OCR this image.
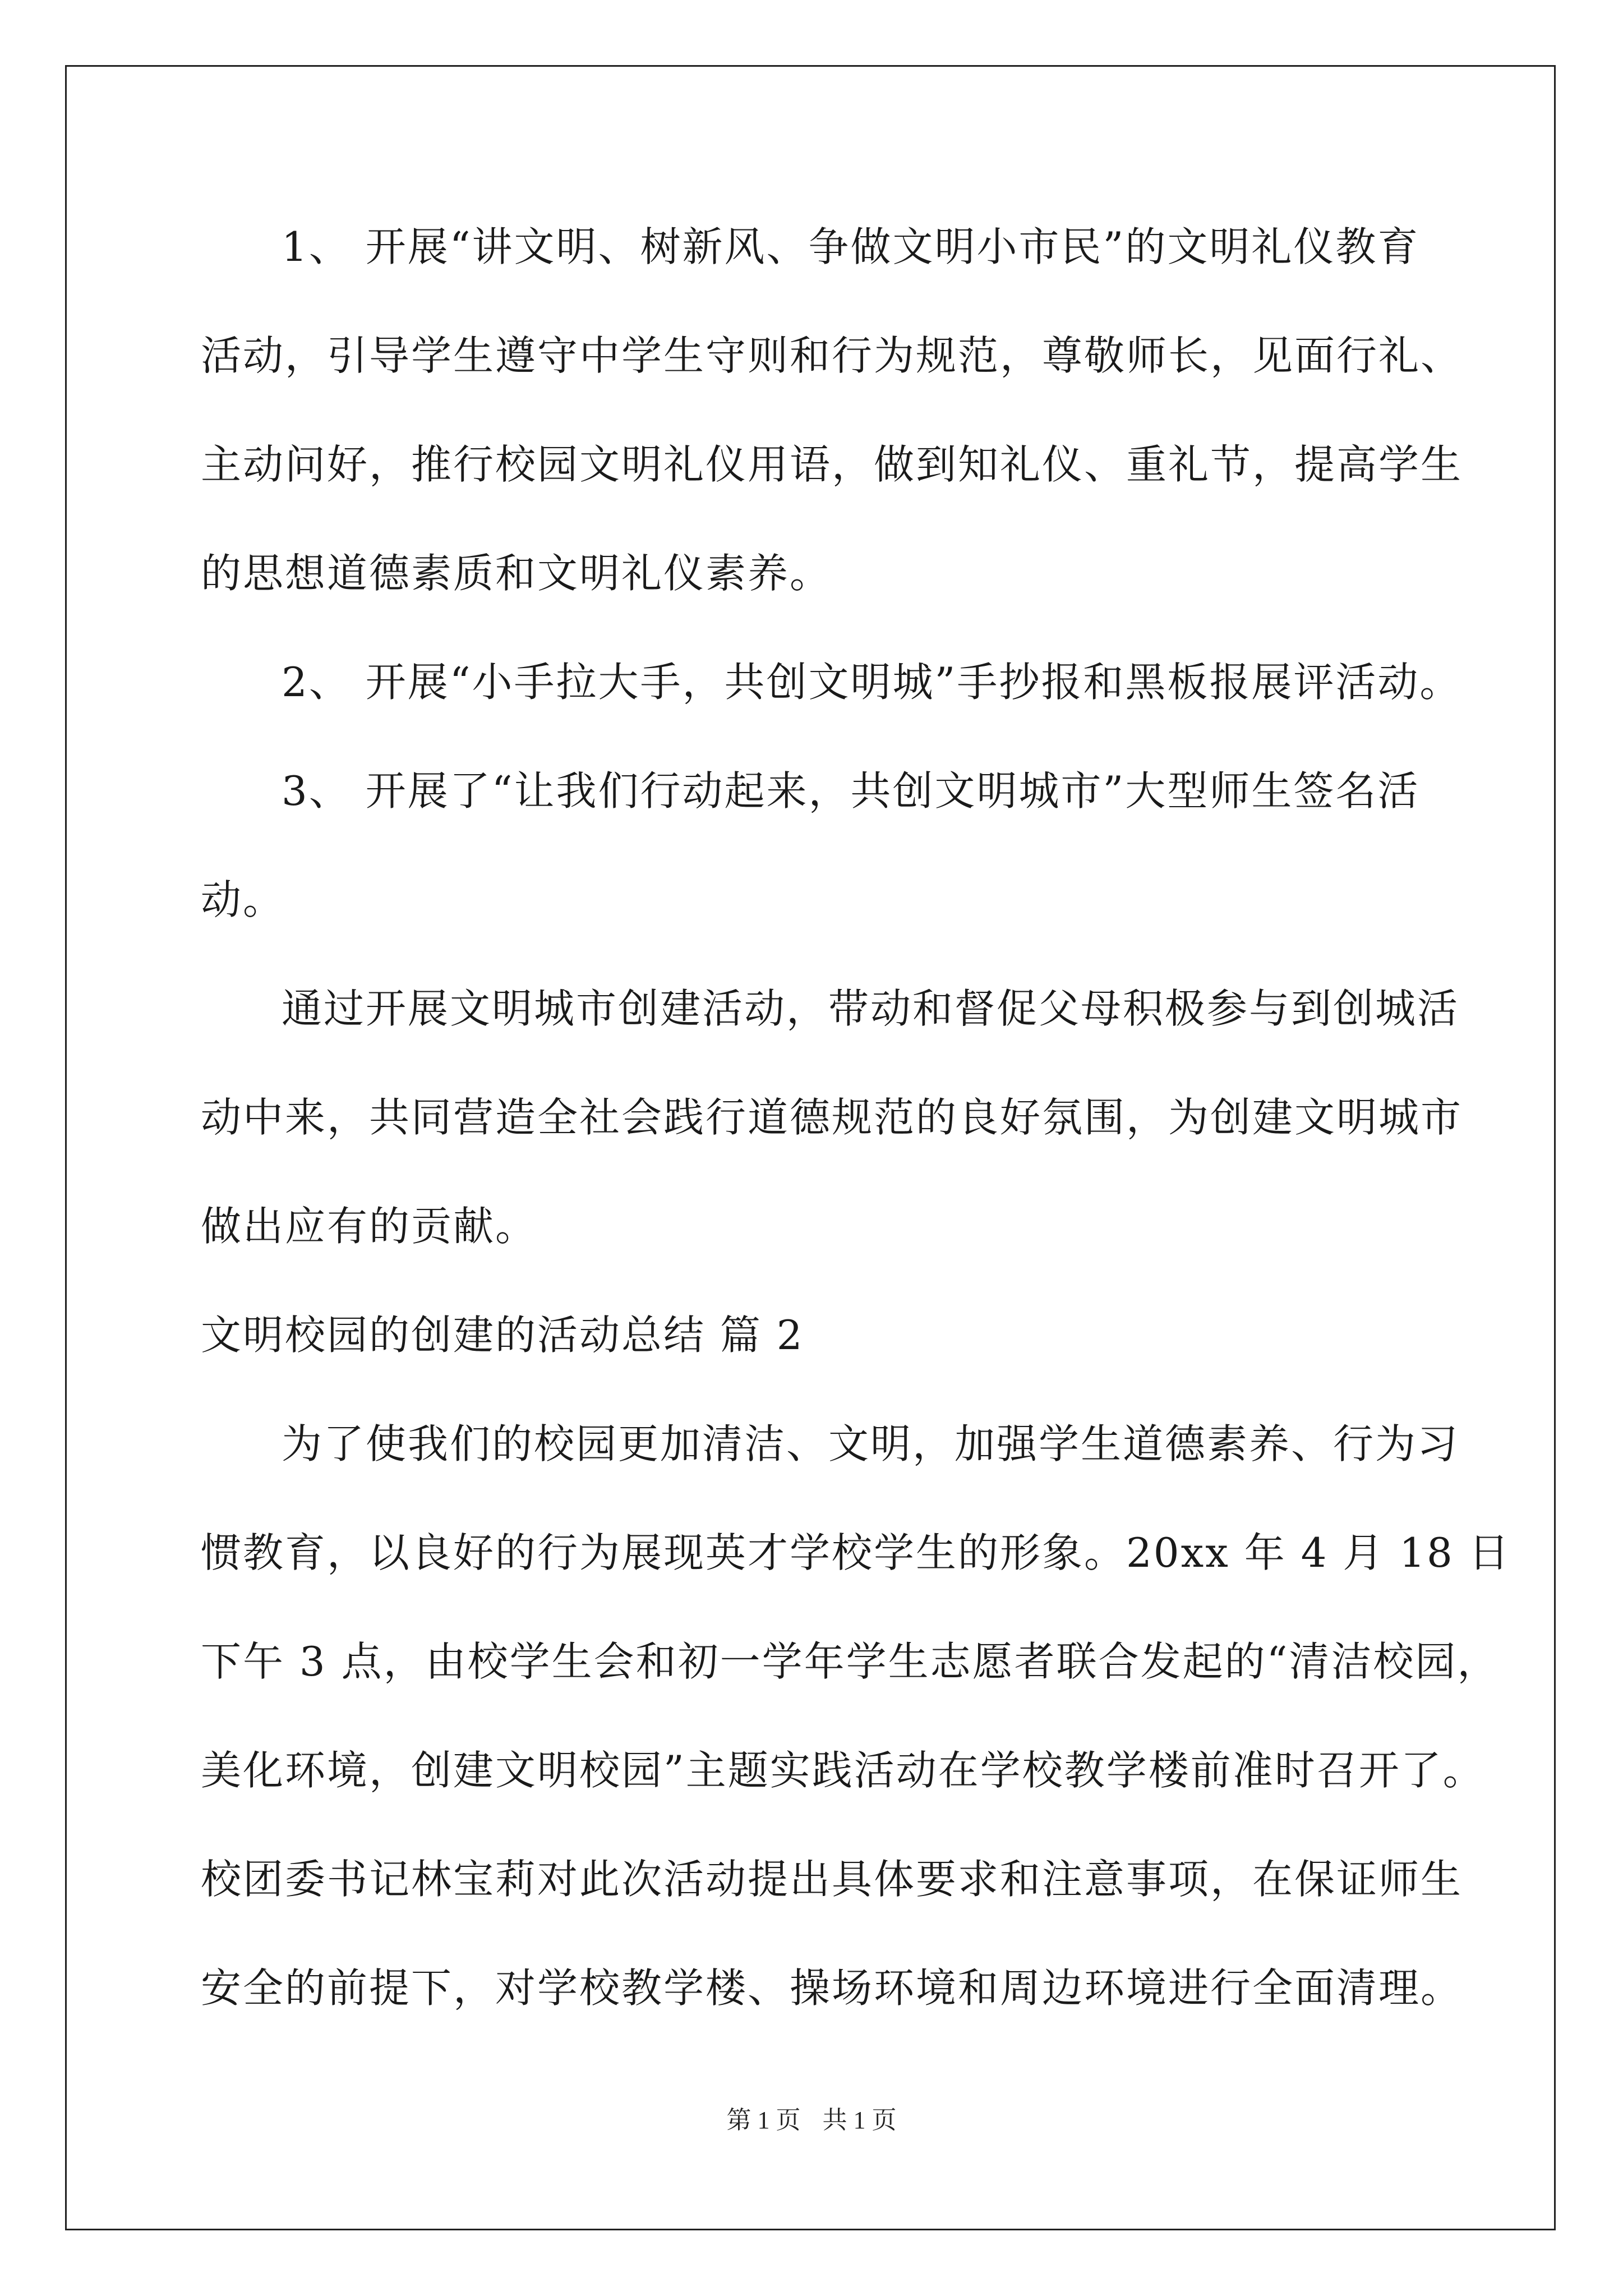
1、 开展“讲文明、树新风、争做文明小市民”的文明礼仪教育
活动，引导学生遵守中学生守则和行为规范，尊敬师长，见面行礼、
主动问好，推行校园文明礼仪用语，做到知礼仪、重礼节，提高学生
的思想道德素质和文明礼仪素养。
2、 开展“小手拉大手，共创文明城”手抄报和黑板报展评活动。
3、 开展了“让我们行动起来，共创文明城市”大型师生签名活
动。
通过开展文明城市创建活动，带动和督促父母积极参与到创城活
动中来，共同营造全社会践行道德规范的良好氛围，为创建文明城市
做出应有的贡献。
文明校园的创建的活动总结 篇 2
为了使我们的校园更加清洁、文明，加强学生道德素养、行为习
惯教育，以良好的行为展现英才学校学生的形象。20xx 年 4 月 18 日
下午 3 点，由校学生会和初一学年学生志愿者联合发起的“清洁校园，
美化环境，创建文明校园”主题实践活动在学校教学楼前准时召开了。
校团委书记林宝莉对此次活动提出具体要求和注意事项，在保证师生
安全的前提下，对学校教学楼、操场环境和周边环境进行全面清理。
第 1 页 共 1 页
